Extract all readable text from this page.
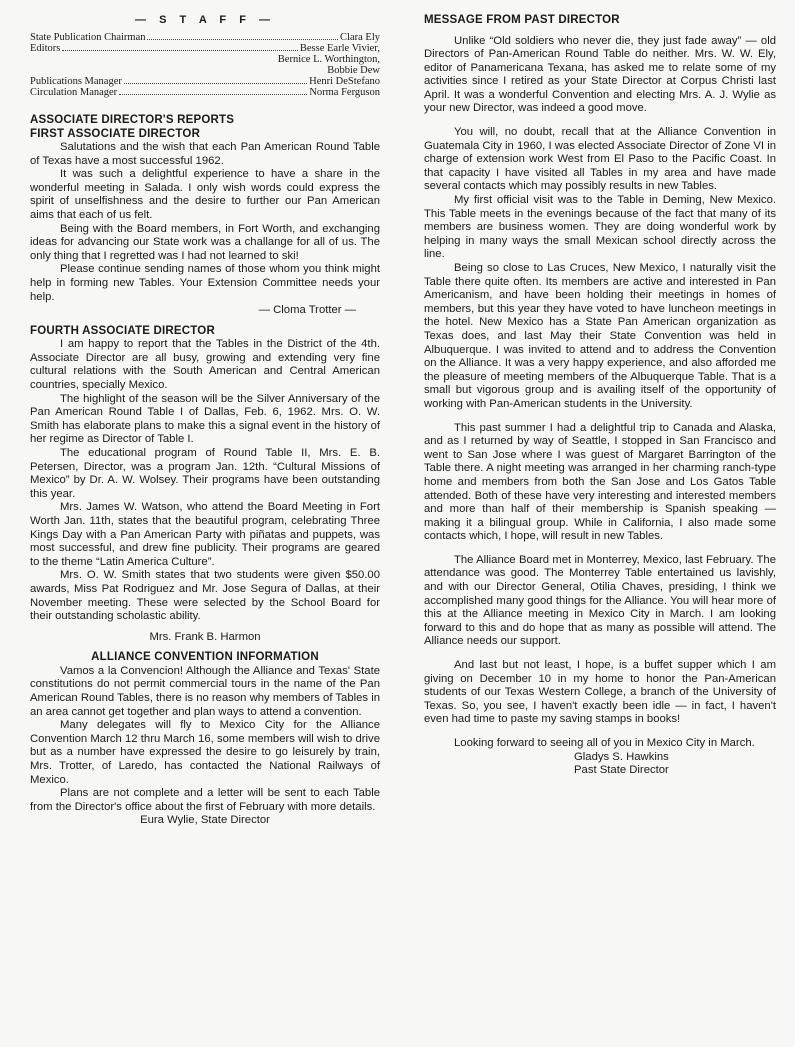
— S T A F F —
State Publication Chairman	Clara Ely
Editors	Besse Earle Vivier,
Bernice L. Worthington,
Bobbie Dew
Publications Manager	Henri DeStefano
Circulation Manager	Norma Ferguson
ASSOCIATE DIRECTOR'S REPORTS
FIRST ASSOCIATE DIRECTOR

Salutations and the wish that each Pan American Round Table of Texas have a most successful 1962.

It was such a delightful experience to have a share in the wonderful meeting in Salada. I only wish words could express the spirit of unselfishness and the desire to further our Pan American aims that each of us felt.

Being with the Board members, in Fort Worth, and exchanging ideas for advancing our State work was a challange for all of us. The only thing that I regretted was I had not learned to ski!

Please continue sending names of those whom you think might help in forming new Tables. Your Extension Committee needs your help.

— Cloma Trotter —
FOURTH ASSOCIATE DIRECTOR

I am happy to report that the Tables in the District of the 4th. Associate Director are all busy, growing and extending very fine cultural relations with the South American and Central American countries, specially Mexico.

The highlight of the season will be the Silver Anniversary of the Pan American Round Table I of Dallas, Feb. 6, 1962. Mrs. O. W. Smith has elaborate plans to make this a signal event in the history of her regime as Director of Table I.

The educational program of Round Table II, Mrs. E. B. Petersen, Director, was a program Jan. 12th. “Cultural Missions of Mexico” by Dr. A. W. Wolsey. Their programs have been outstanding this year.

Mrs. James W. Watson, who attend the Board Meeting in Fort Worth Jan. 11th, states that the beautiful program, celebrating Three Kings Day with a Pan American Party with piñatas and puppets, was most successful, and drew fine publicity. Their programs are geared to the theme “Latin America Culture”.

Mrs. O. W. Smith states that two students were given $50.00 awards, Miss Pat Rodriguez and Mr. Jose Segura of Dallas, at their November meeting. These were selected by the School Board for their outstanding scholastic ability.

Mrs. Frank B. Harmon
ALLIANCE CONVENTION INFORMATION

Vamos a la Convencion! Although the Alliance and Texas' State constitutions do not permit commercial tours in the name of the Pan American Round Tables, there is no reason why members of Tables in an area cannot get together and plan ways to attend a convention.

Many delegates will fly to Mexico City for the Alliance Convention March 12 thru March 16, some members will wish to drive but as a number have expressed the desire to go leisurely by train, Mrs. Trotter, of Laredo, has contacted the National Railways of Mexico.

Plans are not complete and a letter will be sent to each Table from the Director's office about the first of February with more details.

Eura Wylie, State Director
MESSAGE FROM PAST DIRECTOR

Unlike “Old soldiers who never die, they just fade away” — old Directors of Pan-American Round Table do neither. Mrs. W. W. Ely, editor of Panamericana Texana, has asked me to relate some of my activities since I retired as your State Director at Corpus Christi last April. It was a wonderful Convention and electing Mrs. A. J. Wylie as your new Director, was indeed a good move.

You will, no doubt, recall that at the Alliance Convention in Guatemala City in 1960, I was elected Associate Director of Zone VI in charge of extension work West from El Paso to the Pacific Coast. In that capacity I have visited all Tables in my area and have made several contacts which may possibly results in new Tables.

My first official visit was to the Table in Deming, New Mexico. This Table meets in the evenings because of the fact that many of its members are business women. They are doing wonderful work by helping in many ways the small Mexican school directly across the line.

Being so close to Las Cruces, New Mexico, I naturally visit the Table there quite often. Its members are active and interested in Pan Americanism, and have been holding their meetings in homes of members, but this year they have voted to have luncheon meetings in the hotel. New Mexico has a State Pan American organization as Texas does, and last May their State Convention was held in Albuquerque. I was invited to attend and to address the Convention on the Alliance. It was a very happy experience, and also afforded me the pleasure of meeting members of the Albuquerque Table. That is a small but vigorous group and is availing itself of the opportunity of working with Pan-American students in the University.

This past summer I had a delightful trip to Canada and Alaska, and as I returned by way of Seattle, I stopped in San Francisco and went to San Jose where I was guest of Margaret Barrington of the Table there. A night meeting was arranged in her charming ranch-type home and members from both the San Jose and Los Gatos Table attended. Both of these have very interesting and interested members and more than half of their membership is Spanish speaking — making it a bilingual group. While in California, I also made some contacts which, I hope, will result in new Tables.

The Alliance Board met in Monterrey, Mexico, last February. The attendance was good. The Monterrey Table entertained us lavishly, and with our Director General, Otilia Chaves, presiding, I think we accomplished many good things for the Alliance. You will hear more of this at the Alliance meeting in Mexico City in March. I am looking forward to this and do hope that as many as possible will attend. The Alliance needs our support.

And last but not least, I hope, is a buffet supper which I am giving on December 10 in my home to honor the Pan-American students of our Texas Western College, a branch of the University of Texas. So, you see, I haven't exactly been idle — in fact, I haven't even had time to paste my saving stamps in books!

Looking forward to seeing all of you in Mexico City in March.

Gladys S. Hawkins
Past State Director
